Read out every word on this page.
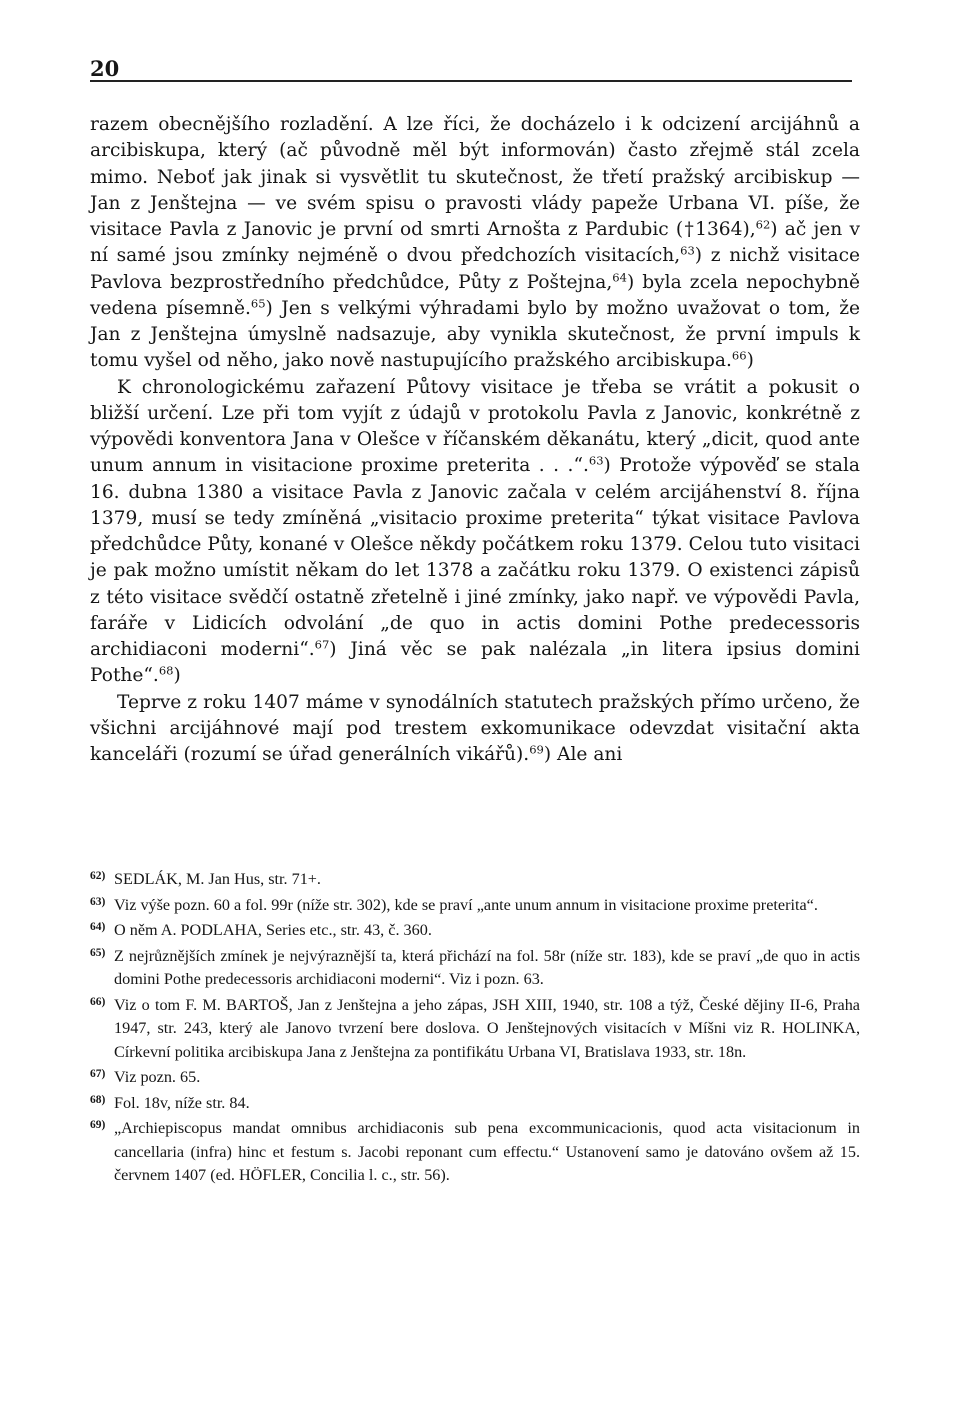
20

razem obecnějšího rozladění. A lze říci, že docházelo i k odcizení arcijáhnů a arcibiskupa, který (ač původně měl být informován) často zřejmě stál zcela mimo. Neboť jak jinak si vysvětlit tu skutečnost, že třetí pražský arcibiskup — Jan z Jenštejna — ve svém spisu o pravosti vlády papeže Urbana VI. píše, že visitace Pavla z Janovic je první od smrti Arnošta z Pardubic (†1364),$^{62}$) ač jen v ní samé jsou zmínky nejméně o dvou předchozích visitacích,$^{63}$) z nichž visitace Pavlova bezprostředního předchůdce, Půty z Poštejna,$^{64}$) byla zcela nepochybně vedena písemně.$^{65}$) Jen s velkými výhradami bylo by možno uvažovat o tom, že Jan z Jenštejna úmyslně nadsazuje, aby vynikla skutečnost, že první impuls k tomu vyšel od něho, jako nově nastupujícího pražského arcibiskupa.$^{66}$)

K chronologickému zařazení Půtovy visitace je třeba se vrátit a pokusit o bližší určení. Lze při tom vyjít z údajů v protokolu Pavla z Janovic, konkrétně z výpovědi konventora Jana v Olešce v říčanském děkanátu, který „dicit, quod ante unum annum in visitacione proxime preterita . . .“.$^{63}$) Protože výpověď se stala 16. dubna 1380 a visitace Pavla z Janovic začala v celém arcijáhenství 8. října 1379, musí se tedy zmíněná „visitacio proxime preterita“ týkat visitace Pavlova předchůdce Půty, konané v Olešce někdy počátkem roku 1379. Celou tuto visitaci je pak možno umístit někam do let 1378 a začátku roku 1379. O existenci zápisů z této visitace svědčí ostatně zřetelně i jiné zmínky, jako např. ve výpovědi Pavla, faráře v Lidicích odvolání „de quo in actis domini Pothe predecessoris archidiaconi moderni“.$^{67}$) Jiná věc se pak nalézala „in litera ipsius domini Pothe“.$^{68}$)

Teprve z roku 1407 máme v synodálních statutech pražských přímo určeno, že všichni arcijáhnové mají pod trestem exkomunikace odevzdat visitační akta kanceláři (rozumí se úřad generálních vikářů).$^{69}$) Ale ani

62) SEDLÁK, M. Jan Hus, str. 71+.
63) Viz výše pozn. 60 a fol. 99r (níže str. 302), kde se praví „ante unum annum in visitacione proxime preterita“.
64) O něm A. PODLAHA, Series etc., str. 43, č. 360.
65) Z nejrůznějších zmínek je nejvýraznější ta, která přichází na fol. 58r (níže str. 183), kde se praví „de quo in actis domini Pothe predecessoris archidiaconi moderni“. Viz i pozn. 63.
66) Viz o tom F. M. BARTOŠ, Jan z Jenštejna a jeho zápas, JSH XIII, 1940, str. 108 a týž, České dějiny II-6, Praha 1947, str. 243, který ale Janovo tvrzení bere doslova. O Jenštejnových visitacích v Míšni viz R. HOLINKA, Církevní politika arcibiskupa Jana z Jenštejna za pontifikátu Urbana VI, Bratislava 1933, str. 18n.
67) Viz pozn. 65.
68) Fol. 18v, níže str. 84.
69) „Archiepiscopus mandat omnibus archidiaconis sub pena excommunicacionis, quod acta visitacionum in cancellaria (infra) hinc et festum s. Jacobi reponant cum effectu.“ Ustanovení samo je datováno ovšem až 15. červnem 1407 (ed. HÖFLER, Concilia l. c., str. 56).
